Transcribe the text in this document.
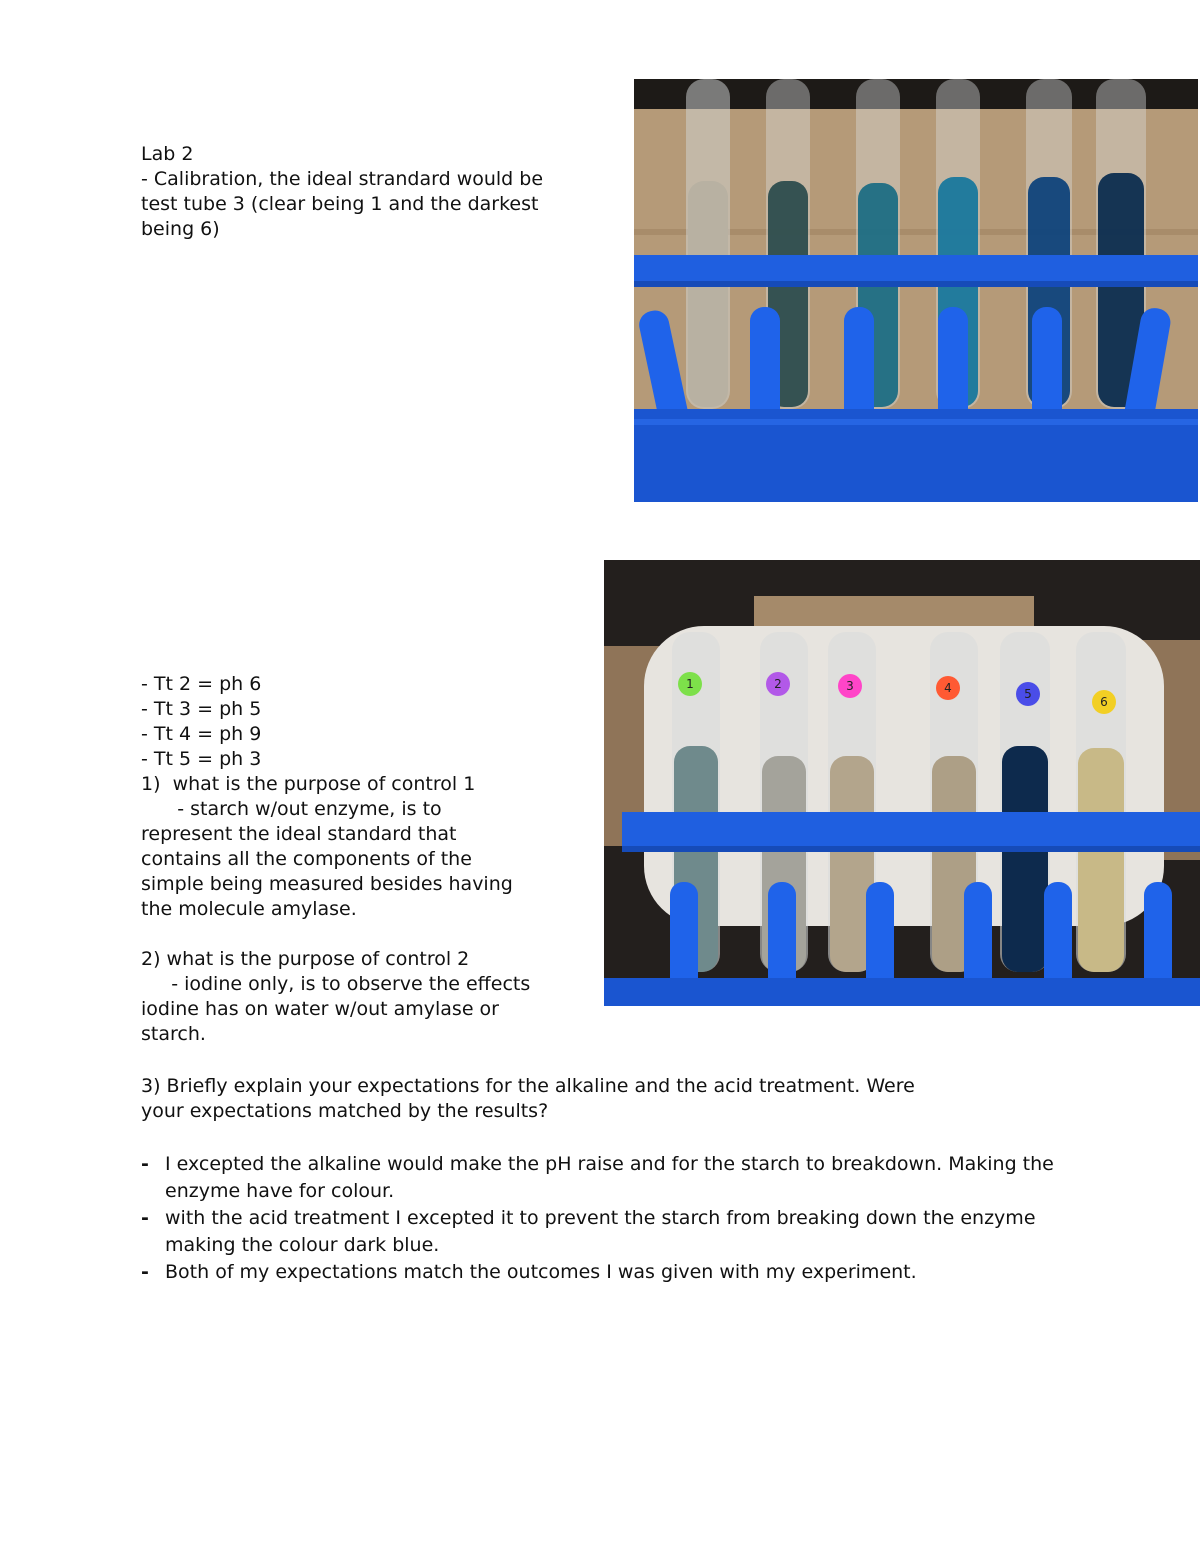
Lab 2
- Calibration, the ideal strandard would be
test tube 3 (clear being 1 and the darkest
being 6)
1	2	3	4	5
6
- Tt 2 = ph 6
- Tt 3 = ph 5
- Tt 4 = ph 9
- Tt 5 = ph 3
1)  what is the purpose of control 1
- starch w/out enzyme, is to
represent the ideal standard that
contains all the components of the
simple being measured besides having
the molecule amylase.

2) what is the purpose of control 2
- iodine only, is to observe the effects
iodine has on water w/out amylase or
starch.
3) Briefly explain your expectations for the alkaline and the acid treatment. Were
your expectations matched by the results?
- I excepted the alkaline would make the pH raise and for the starch to breakdown. Making the enzyme have for colour.
- with the acid treatment I excepted it to prevent the starch from breaking down the enzyme making the colour dark blue.
- Both of my expectations match the outcomes I was given with my experiment.
